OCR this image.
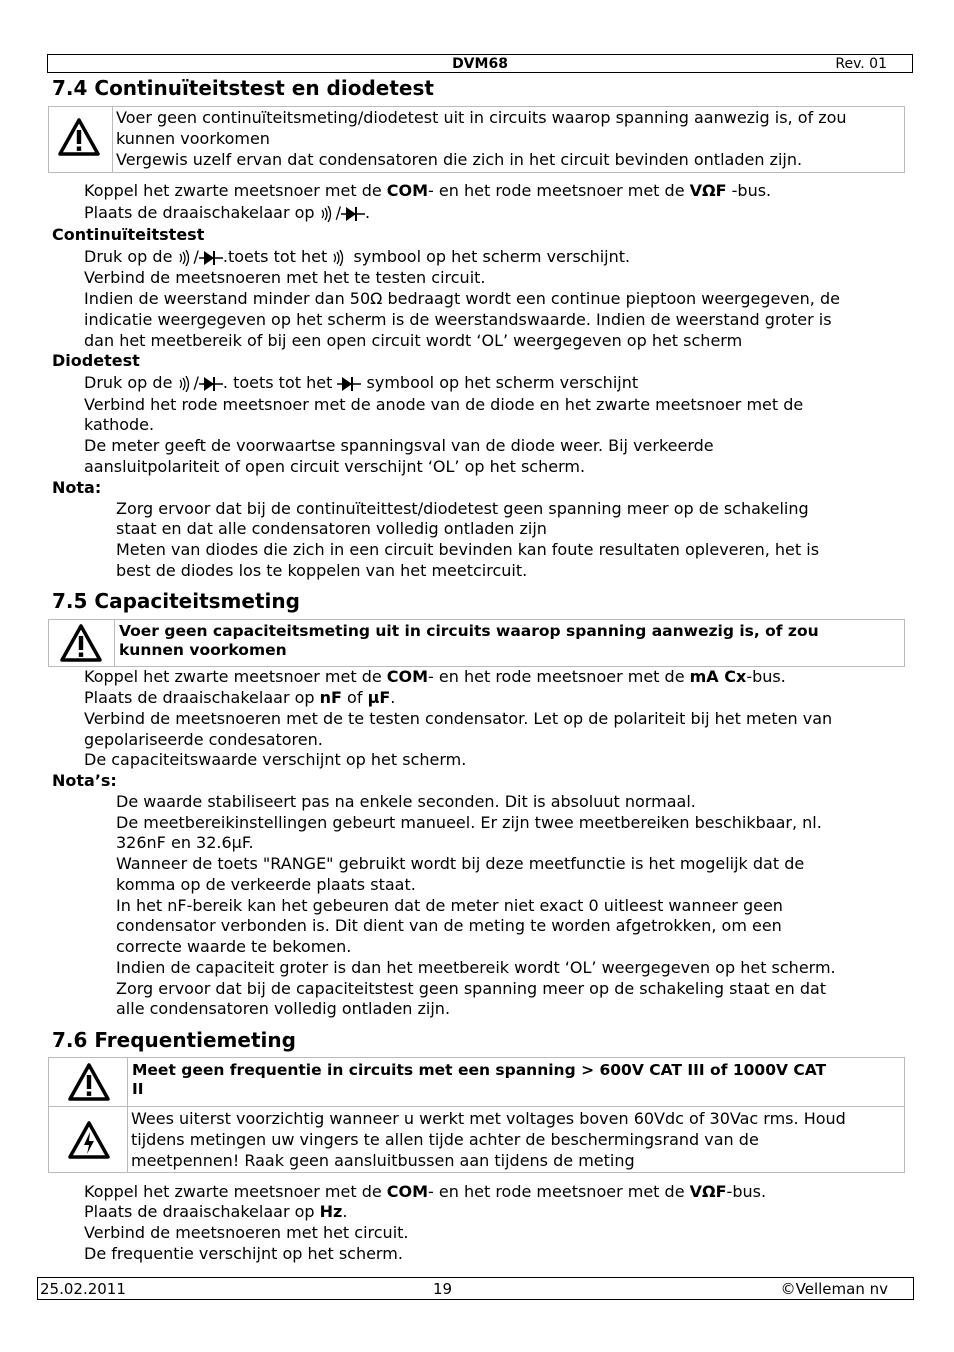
DVM68	Rev. 01
7.4 Continuïteitstest en diodetest
Voer geen continuïteitsmeting/diodetest uit in circuits waarop spanning aanwezig is, of zou
kunnen voorkomen
Vergewis uzelf ervan dat condensatoren die zich in het circuit bevinden ontladen zijn.
Koppel het zwarte meetsnoer met de COM- en het rode meetsnoer met de VΩF -bus.
Plaats de draaischakelaar op / .
Continuïteitstest
Druk op de / .toets tot het  symbool op het scherm verschijnt.
Verbind de meetsnoeren met het te testen circuit.
Indien de weerstand minder dan 50Ω bedraagt wordt een continue pieptoon weergegeven, de
indicatie weergegeven op het scherm is de weerstandswaarde. Indien de weerstand groter is
dan het meetbereik of bij een open circuit wordt ‘OL’ weergegeven op het scherm
Diodetest
Druk op de / . toets tot het  symbool op het scherm verschijnt
Verbind het rode meetsnoer met de anode van de diode en het zwarte meetsnoer met de
kathode.
De meter geeft de voorwaartse spanningsval van de diode weer. Bij verkeerde
aansluitpolariteit of open circuit verschijnt ‘OL’ op het scherm.
Nota:
Zorg ervoor dat bij de continuïteittest/diodetest geen spanning meer op de schakeling
staat en dat alle condensatoren volledig ontladen zijn
Meten van diodes die zich in een circuit bevinden kan foute resultaten opleveren, het is
best de diodes los te koppelen van het meetcircuit.
7.5 Capaciteitsmeting
Voer geen capaciteitsmeting uit in circuits waarop spanning aanwezig is, of zou
kunnen voorkomen
Koppel het zwarte meetsnoer met de COM- en het rode meetsnoer met de mA Cx-bus.
Plaats de draaischakelaar op nF of µF.
Verbind de meetsnoeren met de te testen condensator. Let op de polariteit bij het meten van
gepolariseerde condesatoren.
De capaciteitswaarde verschijnt op het scherm.
Nota’s:
De waarde stabiliseert pas na enkele seconden. Dit is absoluut normaal.
De meetbereikinstellingen gebeurt manueel. Er zijn twee meetbereiken beschikbaar, nl.
326nF en 32.6µF.
Wanneer de toets "RANGE" gebruikt wordt bij deze meetfunctie is het mogelijk dat de
komma op de verkeerde plaats staat.
In het nF-bereik kan het gebeuren dat de meter niet exact 0 uitleest wanneer geen
condensator verbonden is. Dit dient van de meting te worden afgetrokken, om een
correcte waarde te bekomen.
Indien de capaciteit groter is dan het meetbereik wordt ‘OL’ weergegeven op het scherm.
Zorg ervoor dat bij de capaciteitstest geen spanning meer op de schakeling staat en dat
alle condensatoren volledig ontladen zijn.
7.6 Frequentiemeting
Meet geen frequentie in circuits met een spanning > 600V CAT III of 1000V CAT
II
Wees uiterst voorzichtig wanneer u werkt met voltages boven 60Vdc of 30Vac rms. Houd
tijdens metingen uw vingers te allen tijde achter de beschermingsrand van de
meetpennen! Raak geen aansluitbussen aan tijdens de meting
Koppel het zwarte meetsnoer met de COM- en het rode meetsnoer met de VΩF-bus.
Plaats de draaischakelaar op Hz.
Verbind de meetsnoeren met het circuit.
De frequentie verschijnt op het scherm.
25.02.2011	19	©Velleman nv
